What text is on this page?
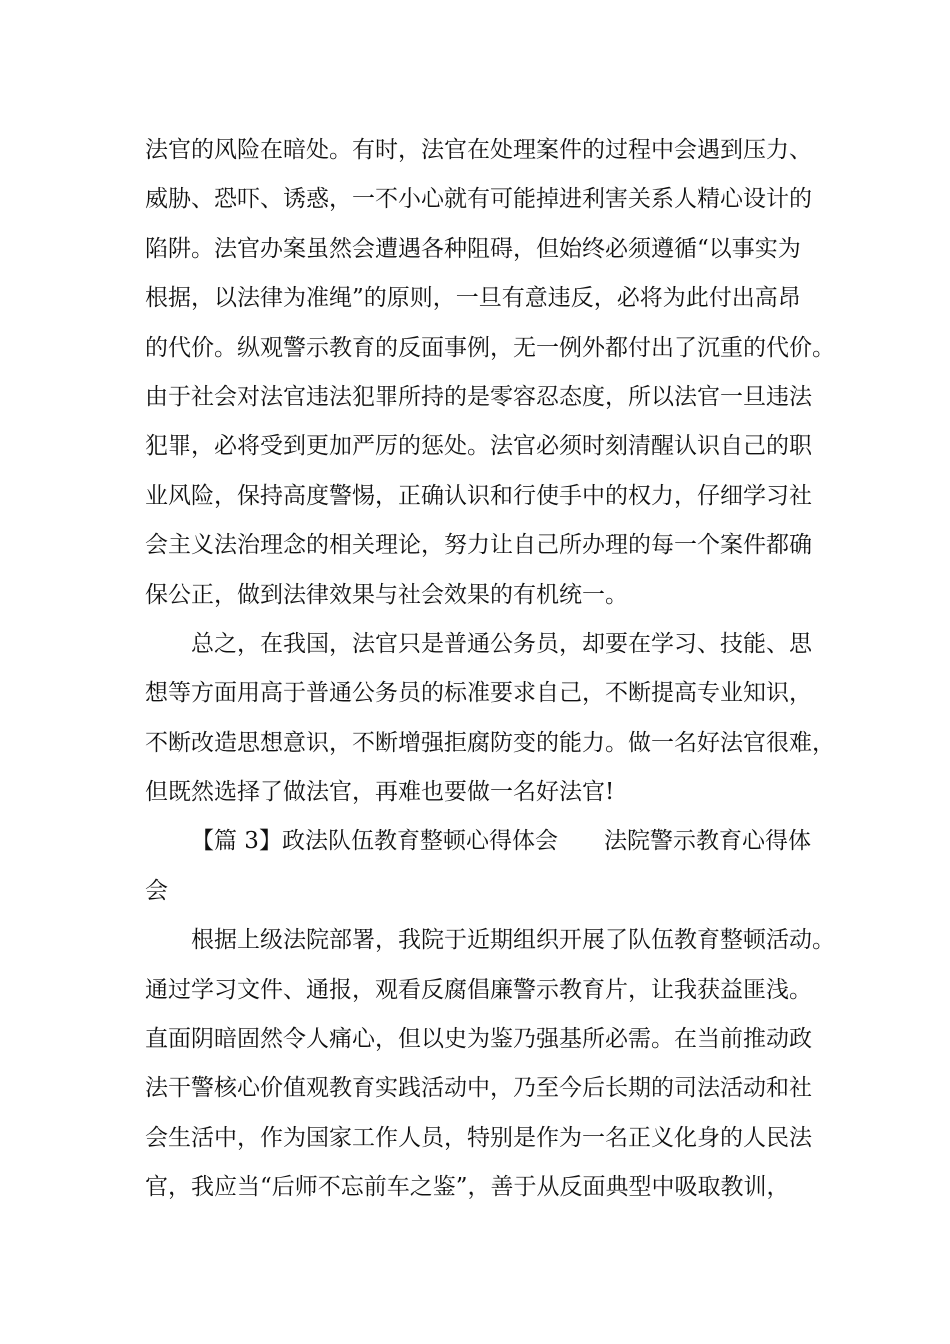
法官的风险在暗处。有时，法官在处理案件的过程中会遇到压力、
威胁、恐吓、诱惑，一不小心就有可能掉进利害关系人精心设计的
陷阱。法官办案虽然会遭遇各种阻碍，但始终必须遵循“以事实为
根据，以法律为准绳”的原则，一旦有意违反，必将为此付出高昂
的代价。纵观警示教育的反面事例，无一例外都付出了沉重的代价。
由于社会对法官违法犯罪所持的是零容忍态度，所以法官一旦违法
犯罪，必将受到更加严厉的惩处。法官必须时刻清醒认识自己的职
业风险，保持高度警惕，正确认识和行使手中的权力，仔细学习社
会主义法治理念的相关理论，努力让自己所办理的每一个案件都确
保公正，做到法律效果与社会效果的有机统一。
总之，在我国，法官只是普通公务员，却要在学习、技能、思
想等方面用高于普通公务员的标准要求自己，不断提高专业知识，
不断改造思想意识，不断增强拒腐防变的能力。做一名好法官很难，
但既然选择了做法官，再难也要做一名好法官!
【篇 3】政法队伍教育整顿心得体会　　法院警示教育心得体
会
根据上级法院部署，我院于近期组织开展了队伍教育整顿活动。
通过学习文件、通报，观看反腐倡廉警示教育片，让我获益匪浅。
直面阴暗固然令人痛心，但以史为鉴乃强基所必需。在当前推动政
法干警核心价值观教育实践活动中，乃至今后长期的司法活动和社
会生活中，作为国家工作人员，特别是作为一名正义化身的人民法
官，我应当“后师不忘前车之鉴”，善于从反面典型中吸取教训，
